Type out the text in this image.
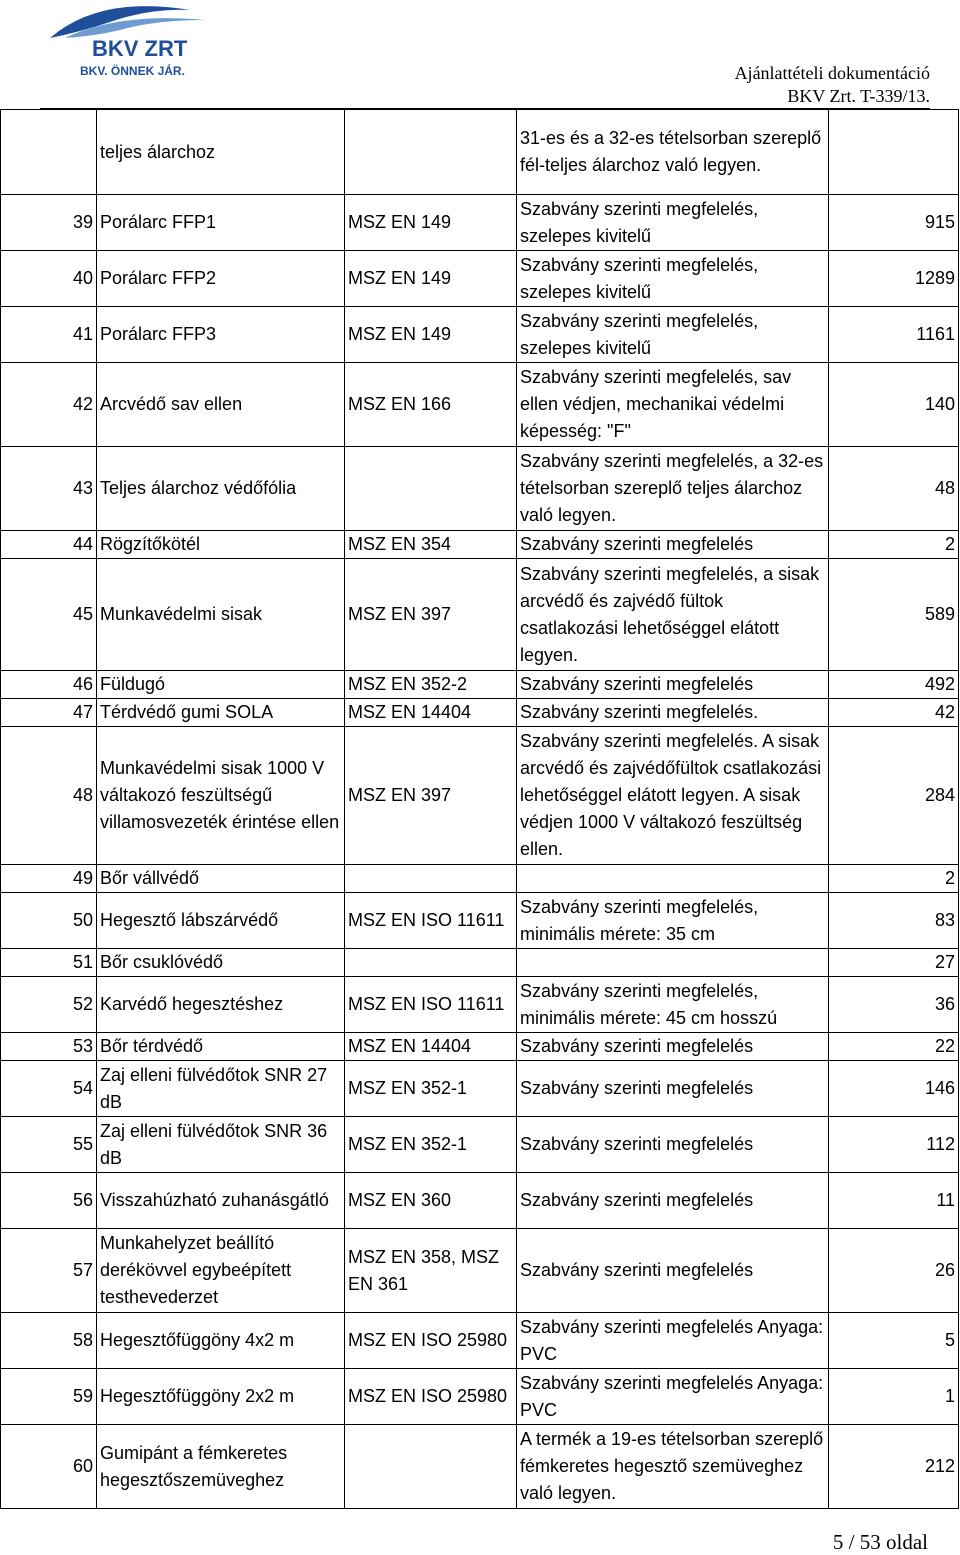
BKV ZRT
BKV. ÖNNEK JÁR.	Ajánlattételi dokumentáció
BKV Zrt. T-339/13.
	teljes álarchoz		31-es és a 32-es tételsorban szereplő fél-teljes álarchoz való legyen.	
39	Porálarc FFP1	MSZ EN 149	Szabvány szerinti megfelelés, szelepes kivitelű	915
40	Porálarc FFP2	MSZ EN 149	Szabvány szerinti megfelelés, szelepes kivitelű	1289
41	Porálarc FFP3	MSZ EN 149	Szabvány szerinti megfelelés, szelepes kivitelű	1161
42	Arcvédő sav ellen	MSZ EN 166	Szabvány szerinti megfelelés, sav ellen védjen, mechanikai védelmi képesség: "F"	140
43	Teljes álarchoz védőfólia		Szabvány szerinti megfelelés, a 32-es tételsorban szereplő teljes álarchoz való legyen.	48
44	Rögzítőkötél	MSZ EN 354	Szabvány szerinti megfelelés	2
45	Munkavédelmi sisak	MSZ EN 397	Szabvány szerinti megfelelés, a sisak arcvédő és zajvédő fültok csatlakozási lehetőséggel elátott legyen.	589
46	Füldugó	MSZ EN 352-2	Szabvány szerinti megfelelés	492
47	Térdvédő gumi SOLA	MSZ EN 14404	Szabvány szerinti megfelelés.	42
48	Munkavédelmi sisak 1000 V váltakozó feszültségű villamosvezeték érintése ellen	MSZ EN 397	Szabvány szerinti megfelelés. A sisak arcvédő és zajvédőfültok csatlakozási lehetőséggel elátott legyen. A sisak védjen 1000 V váltakozó feszültség ellen.	284
49	Bőr vállvédő			2
50	Hegesztő lábszárvédő	MSZ EN ISO 11611	Szabvány szerinti megfelelés, minimális mérete: 35 cm	83
51	Bőr csuklóvédő			27
52	Karvédő hegesztéshez	MSZ EN ISO 11611	Szabvány szerinti megfelelés, minimális mérete: 45 cm hosszú	36
53	Bőr térdvédő	MSZ EN 14404	Szabvány szerinti megfelelés	22
54	Zaj elleni fülvédőtok SNR 27 dB	MSZ EN 352-1	Szabvány szerinti megfelelés	146
55	Zaj elleni fülvédőtok SNR 36 dB	MSZ EN 352-1	Szabvány szerinti megfelelés	112
56	Visszahúzható zuhanásgátló	MSZ EN 360	Szabvány szerinti megfelelés	11
57	Munkahelyzet beállító derékövvel egybeépített testhevederzet	MSZ EN 358, MSZ EN 361	Szabvány szerinti megfelelés	26
58	Hegesztőfüggöny 4x2 m	MSZ EN ISO 25980	Szabvány szerinti megfelelés Anyaga: PVC	5
59	Hegesztőfüggöny 2x2 m	MSZ EN ISO 25980	Szabvány szerinti megfelelés Anyaga: PVC	1
60	Gumipánt a fémkeretes hegesztőszemüveghez		A termék a 19-es tételsorban szereplő fémkeretes hegesztő szemüveghez való legyen.	212
5 / 53 oldal
